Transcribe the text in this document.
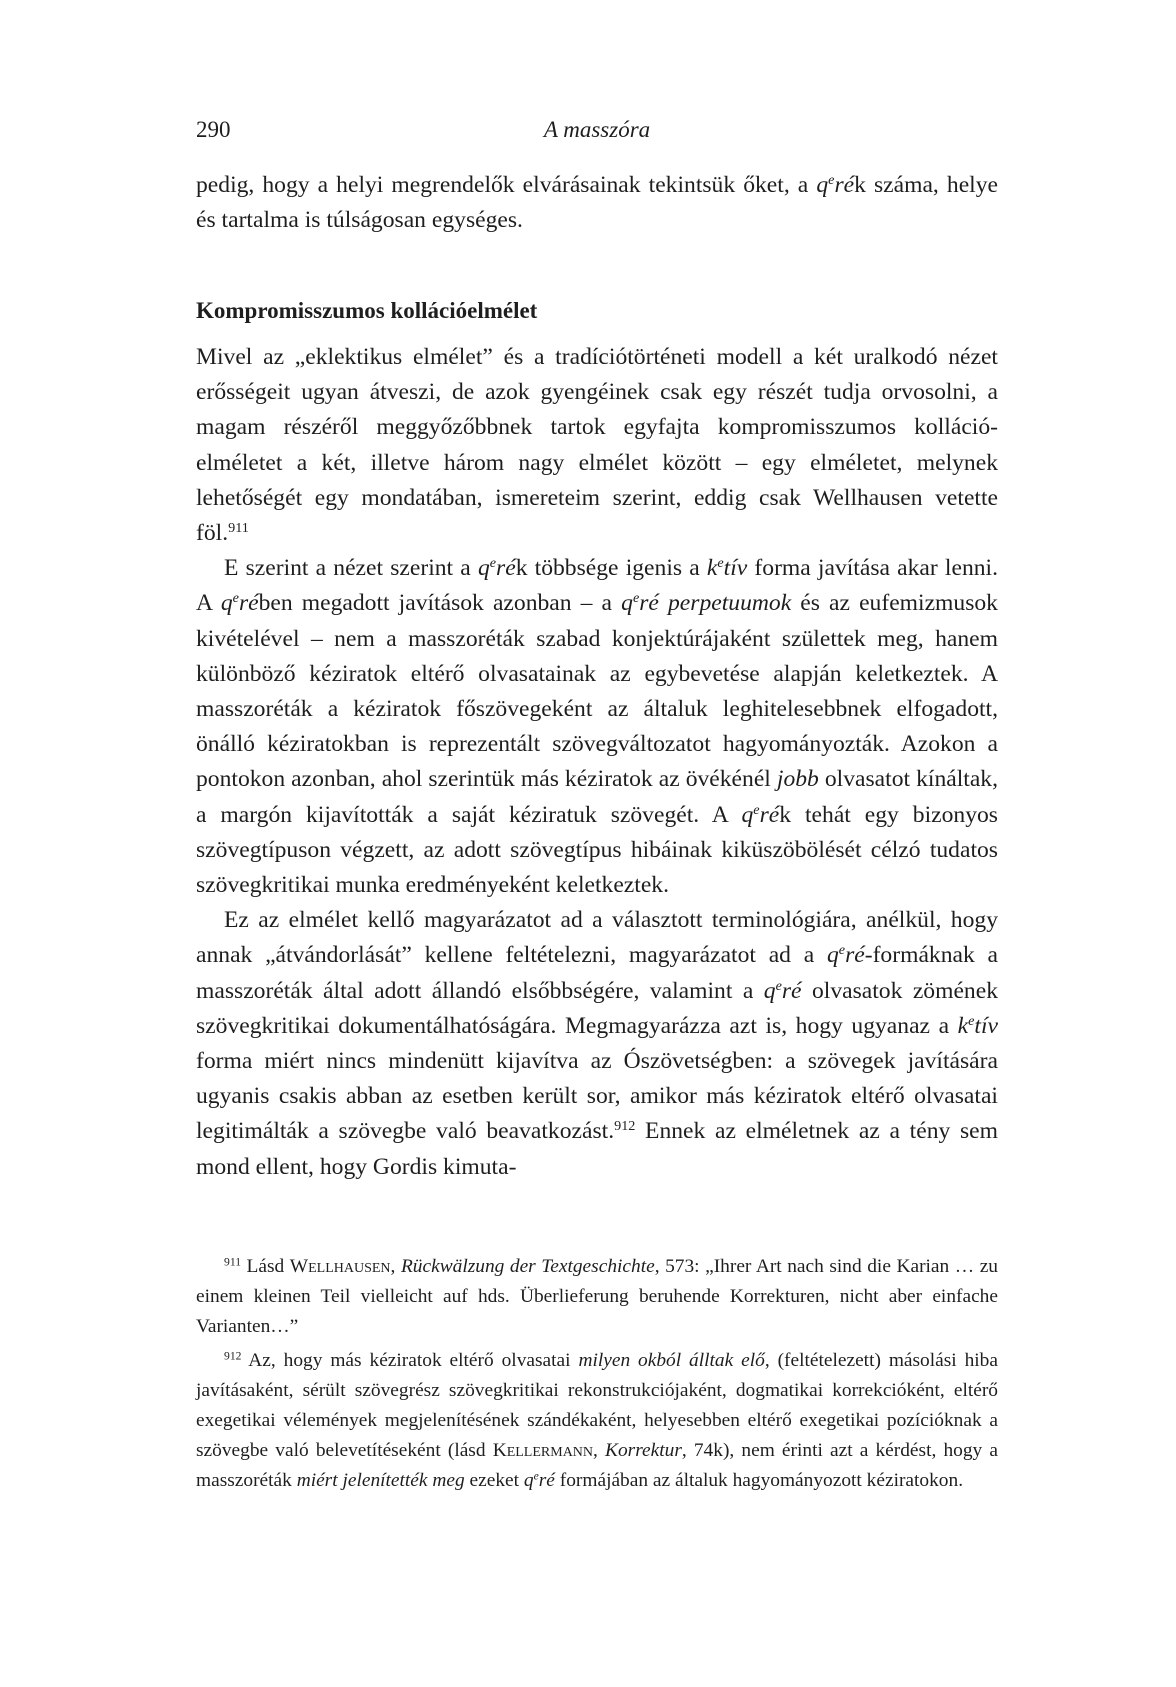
290	A masszóra

pedig, hogy a helyi megrendelők elvárásainak tekintsük őket, a $q^erék$ száma, helye és tartalma is túlságosan egységes.

Kompromisszumos kollációelmélet

Mivel az „eklektikus elmélet” és a tradíciótörténeti modell a két uralkodó nézet erősségeit ugyan átveszi, de azok gyengéinek csak egy részét tudja orvosolni, a magam részéről meggyőzőbbnek tartok egyfajta kompromisszumos kolláció-elméletet a két, illetve három nagy elmélet között – egy elméletet, melynek lehetőségét egy mondatában, ismereteim szerint, eddig csak Wellhausen vetette föl.$^{911}$

E szerint a nézet szerint a $q^erék$ többsége igenis a $k^etív$ forma javítása akar lenni. A $q^erében$ megadott javítások azonban – a $q^eré$ perpetuumok és az eufemizmusok kivételével – nem a masszoréták szabad konjektúrájaként születtek meg, hanem különböző kéziratok eltérő olvasatainak az egybevetése alapján keletkeztek. A masszoréták a kéziratok főszövegeként az általuk leghitelesebbnek elfogadott, önálló kéziratokban is reprezentált szövegváltozatot hagyományozták. Azokon a pontokon azonban, ahol szerintük más kéziratok az övékénél jobb olvasatot kínáltak, a margón kijavították a saját kéziratuk szövegét. A $q^erék$ tehát egy bizonyos szövegtípuson végzett, az adott szövegtípus hibáinak kiküszöbölését célzó tudatos szövegkritikai munka eredményeként keletkeztek.

Ez az elmélet kellő magyarázatot ad a választott terminológiára, anélkül, hogy annak „átvándorlását” kellene feltételezni, magyarázatot ad a $q^eré$-formáknak a masszoréták által adott állandó elsőbbségére, valamint a $q^eré$ olvasatok zömének szövegkritikai dokumentálhatóságára. Megmagyarázza azt is, hogy ugyanaz a $k^etív$ forma miért nincs mindenütt kijavítva az Ószövetségben: a szövegek javítására ugyanis csakis abban az esetben került sor, amikor más kéziratok eltérő olvasatai legitimálták a szövegbe való beavatkozást.$^{912}$ Ennek az elméletnek az a tény sem mond ellent, hogy Gordis kimuta-

$^{911}$ Lásd Wellhausen, Rückwälzung der Textgeschichte, 573: „Ihrer Art nach sind die Karian … zu einem kleinen Teil vielleicht auf hds. Überlieferung beruhende Korrekturen, nicht aber einfache Varianten…”

$^{912}$ Az, hogy más kéziratok eltérő olvasatai milyen okból álltak elő, (feltételezett) másolási hiba javításaként, sérült szövegrész szövegkritikai rekonstrukciójaként, dogmatikai korrekcióként, eltérő exegetikai vélemények megjelenítésének szándékaként, helyesebben eltérő exegetikai pozícióknak a szövegbe való belevetítéseként (lásd Kellermann, Korrektur, 74k), nem érinti azt a kérdést, hogy a masszoréták miért jelenítették meg ezeket $q^eré$ formájában az általuk hagyományozott kéziratokon.
